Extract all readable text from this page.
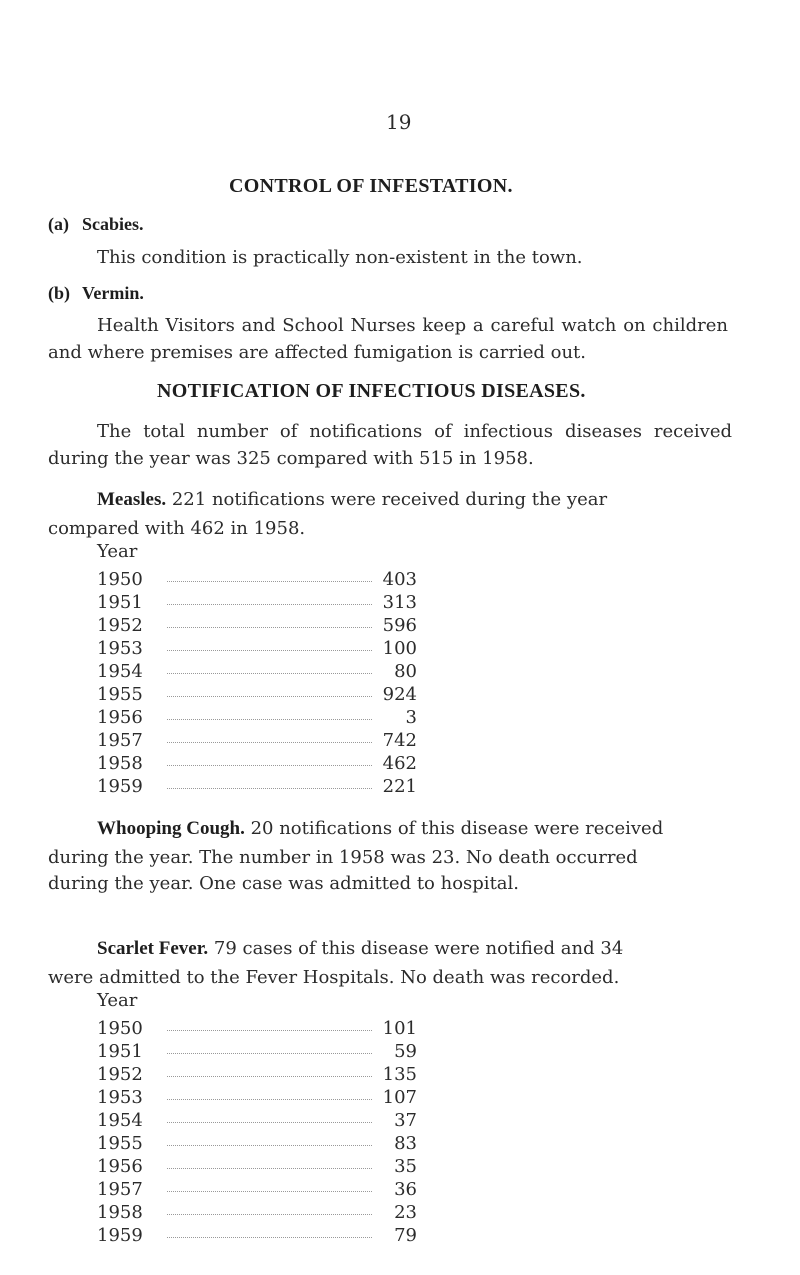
19
CONTROL OF INFESTATION.
(a) Scabies.
This condition is practically non-existent in the town.
(b) Vermin.
Health Visitors and School Nurses keep a careful watch on children and where premises are affected fumigation is carried out.
NOTIFICATION OF INFECTIOUS DISEASES.
The total number of notifications of infectious diseases received during the year was 325 compared with 515 in 1958.
Measles. 221 notifications were received during the year
compared with 462 in 1958.
Year
1950	403
1951	313
1952	596
1953	100
1954	80
1955	924
1956	3
1957	742
1958	462
1959	221
Whooping Cough. 20 notifications of this disease were received
during the year. The number in 1958 was 23. No death occurred
during the year. One case was admitted to hospital.
Scarlet Fever. 79 cases of this disease were notified and 34
were admitted to the Fever Hospitals. No death was recorded.
Year
1950	101
1951	59
1952	135
1953	107
1954	37
1955	83
1956	35
1957	36
1958	23
1959	79
